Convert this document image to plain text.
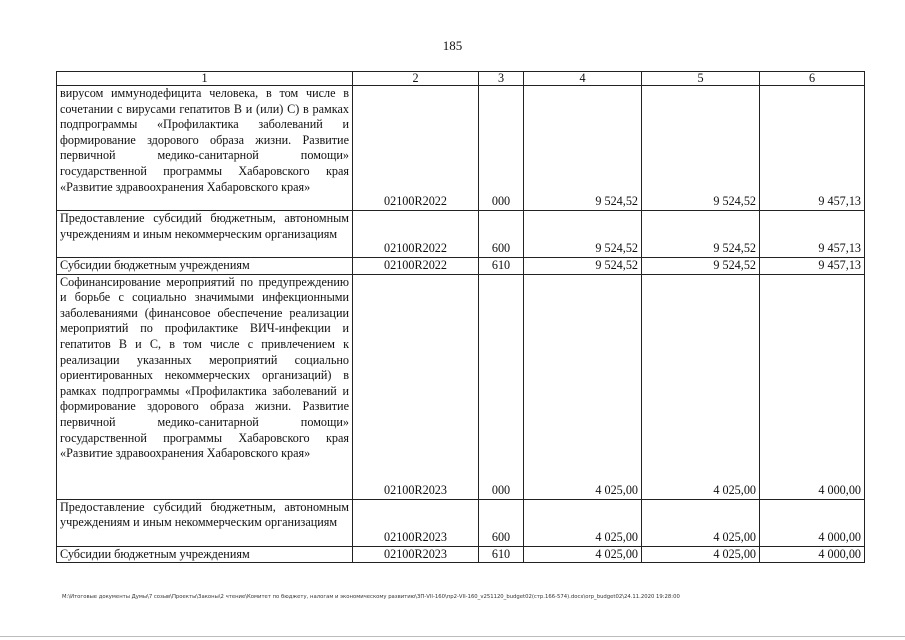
185
1	2	3	4	5	6
вирусом иммунодефицита человека, в том числе в сочетании с вирусами гепатитов В и (или) С) в рамках подпрограммы «Профилактика заболеваний и формирование здорового образа жизни. Развитие первичной медико-санитарной помощи» государственной программы Хабаровского края «Развитие здравоохранения Хабаровского края»	02100R2022	000	9 524,52	9 524,52	9 457,13
Предоставление субсидий бюджетным, автономным учреждениям и иным некоммерческим организациям	02100R2022	600	9 524,52	9 524,52	9 457,13
Субсидии бюджетным учреждениям	02100R2022	610	9 524,52	9 524,52	9 457,13
Софинансирование мероприятий по предупреждению и борьбе с социально значимыми инфекционными заболеваниями (финансовое обеспечение реализации мероприятий по профилактике ВИЧ-инфекции и гепатитов В и С, в том числе с привлечением к реализации указанных мероприятий социально ориентированных некоммерческих организаций) в рамках подпрограммы «Профилактика заболеваний и формирование здорового образа жизни. Развитие первичной медико-санитарной помощи» государственной программы Хабаровского края «Развитие здравоохранения Хабаровского края»	02100R2023	000	4 025,00	4 025,00	4 000,00
Предоставление субсидий бюджетным, автономным учреждениям и иным некоммерческим организациям	02100R2023	600	4 025,00	4 025,00	4 000,00
Субсидии бюджетным учреждениям	02100R2023	610	4 025,00	4 025,00	4 000,00
M:\Итоговые документы Думы\7 созыв\Проекты\Законы\2 чтение\Комитет по бюджету, налогам и экономическому развитию\ЗП-VII-160\пр2-VII-160_v251120_budget02(стр.166-574).docx\orp_budget02\24.11.2020 19:28:00
